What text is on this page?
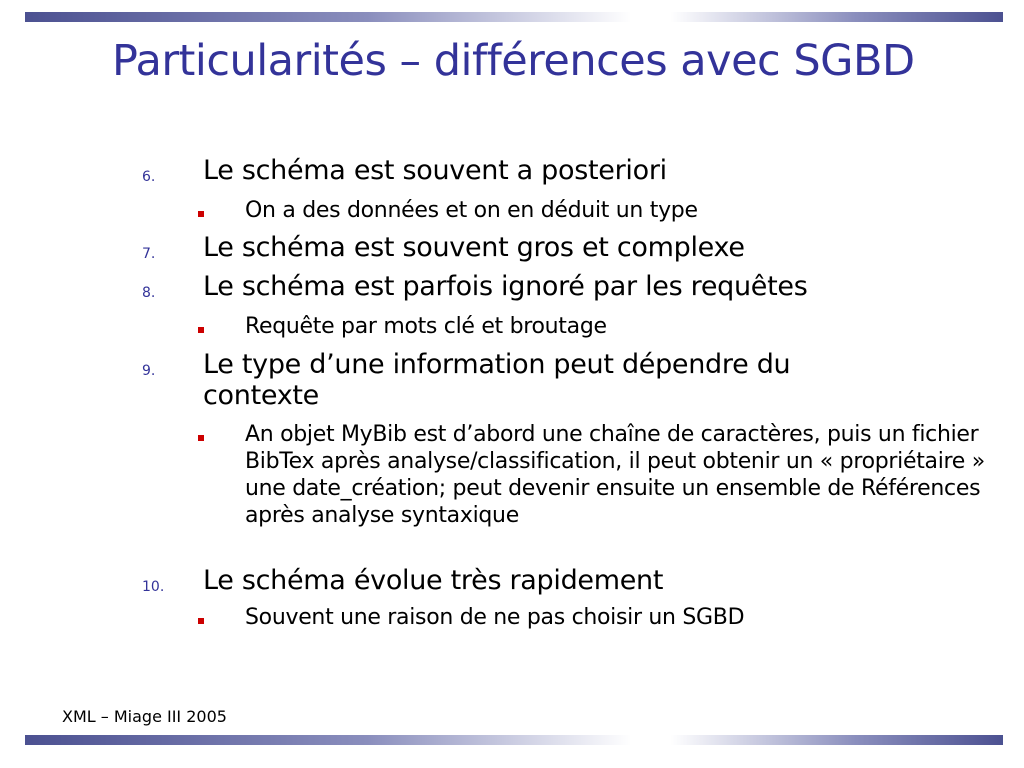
Particularités – différences avec SGBD
6. Le schéma est souvent a posteriori
On a des données et on en déduit un type
7. Le schéma est souvent gros et complexe
8. Le schéma est parfois ignoré par les requêtes
Requête par mots clé et broutage
9. Le type d’une information peut dépendre du contexte
An objet MyBib est d’abord une chaîne de caractères, puis un fichier BibTex après analyse/classification, il peut obtenir un « propriétaire » une date_création; peut devenir ensuite un ensemble de Références après analyse syntaxique
10. Le schéma évolue très rapidement
Souvent une raison de ne pas choisir un SGBD
XML – Miage III 2005
